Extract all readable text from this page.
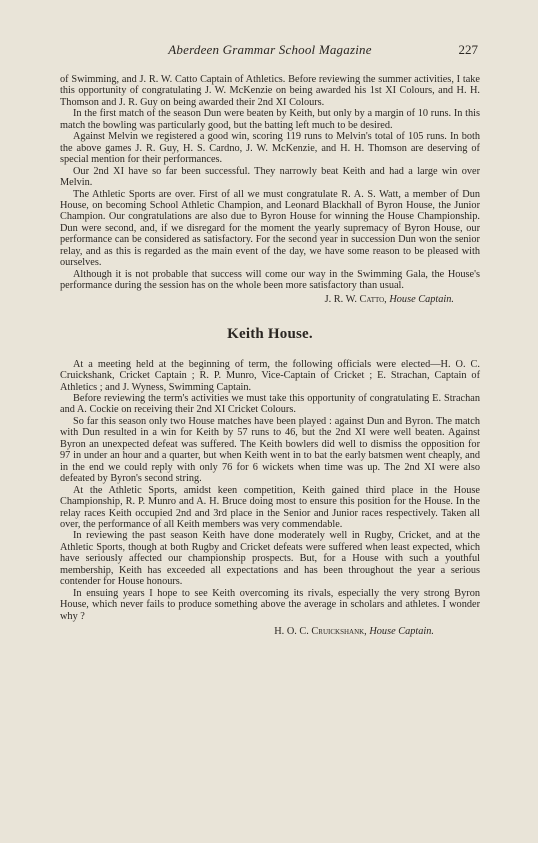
Aberdeen Grammar School Magazine	227

of Swimming, and J. R. W. Catto Captain of Athletics. Before reviewing the summer activities, I take this opportunity of congratulating J. W. McKenzie on being awarded his 1st XI Colours, and H. H. Thomson and J. R. Guy on being awarded their 2nd XI Colours.

In the first match of the season Dun were beaten by Keith, but only by a margin of 10 runs. In this match the bowling was particularly good, but the batting left much to be desired.

Against Melvin we registered a good win, scoring 119 runs to Melvin's total of 105 runs. In both the above games J. R. Guy, H. S. Cardno, J. W. McKenzie, and H. H. Thomson are deserving of special mention for their performances.

Our 2nd XI have so far been successful. They narrowly beat Keith and had a large win over Melvin.

The Athletic Sports are over. First of all we must congratulate R. A. S. Watt, a member of Dun House, on becoming School Athletic Champion, and Leonard Blackhall of Byron House, the Junior Champion. Our congratulations are also due to Byron House for winning the House Championship. Dun were second, and, if we disregard for the moment the yearly supremacy of Byron House, our performance can be considered as satisfactory. For the second year in succession Dun won the senior relay, and as this is regarded as the main event of the day, we have some reason to be pleased with ourselves.

Although it is not probable that success will come our way in the Swimming Gala, the House's performance during the session has on the whole been more satisfactory than usual.

J. R. W. Catto, House Captain.
Keith House.

At a meeting held at the beginning of term, the following officials were elected—H. O. C. Cruickshank, Cricket Captain ; R. P. Munro, Vice-Captain of Cricket ; E. Strachan, Captain of Athletics ; and J. Wyness, Swimming Captain.

Before reviewing the term's activities we must take this opportunity of congratulating E. Strachan and A. Cockie on receiving their 2nd XI Cricket Colours.

So far this season only two House matches have been played : against Dun and Byron. The match with Dun resulted in a win for Keith by 57 runs to 46, but the 2nd XI were well beaten. Against Byron an unexpected defeat was suffered. The Keith bowlers did well to dismiss the opposition for 97 in under an hour and a quarter, but when Keith went in to bat the early batsmen went cheaply, and in the end we could reply with only 76 for 6 wickets when time was up. The 2nd XI were also defeated by Byron's second string.

At the Athletic Sports, amidst keen competition, Keith gained third place in the House Championship, R. P. Munro and A. H. Bruce doing most to ensure this position for the House. In the relay races Keith occupied 2nd and 3rd place in the Senior and Junior races respectively. Taken all over, the performance of all Keith members was very commendable.

In reviewing the past season Keith have done moderately well in Rugby, Cricket, and at the Athletic Sports, though at both Rugby and Cricket defeats were suffered when least expected, which have seriously affected our championship prospects. But, for a House with such a youthful membership, Keith has exceeded all expectations and has been throughout the year a serious contender for House honours.

In ensuing years I hope to see Keith overcoming its rivals, especially the very strong Byron House, which never fails to produce something above the average in scholars and athletes. I wonder why ?

H. O. C. Cruickshank, House Captain.
